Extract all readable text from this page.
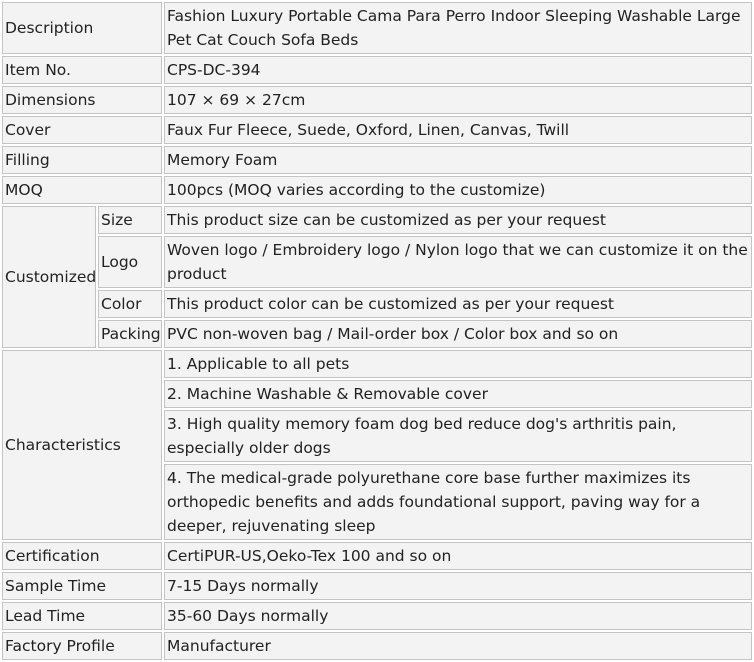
Description		Fashion Luxury Portable Cama Para Perro Indoor Sleeping Washable Large Pet Cat Couch Sofa Beds
Item No.		CPS-DC-394
Dimensions		107 × 69 × 27cm
Cover		Faux Fur Fleece, Suede, Oxford, Linen, Canvas, Twill
Filling		Memory Foam
MOQ		100pcs (MOQ varies according to the customize)
Customized	Size	This product size can be customized as per your request
	Logo	Woven logo / Embroidery logo / Nylon logo that we can customize it on the product
	Color	This product color can be customized as per your request
	Packing	PVC non-woven bag / Mail-order box / Color box and so on
Characteristics		1. Applicable to all pets
		2. Machine Washable & Removable cover
		3. High quality memory foam dog bed reduce dog's arthritis pain, especially older dogs
		4. The medical-grade polyurethane core base further maximizes its orthopedic benefits and adds foundational support, paving way for a deeper, rejuvenating sleep
Certification		CertiPUR-US,Oeko-Tex 100 and so on
Sample Time		7-15 Days normally
Lead Time		35-60 Days normally
Factory Profile		Manufacturer
